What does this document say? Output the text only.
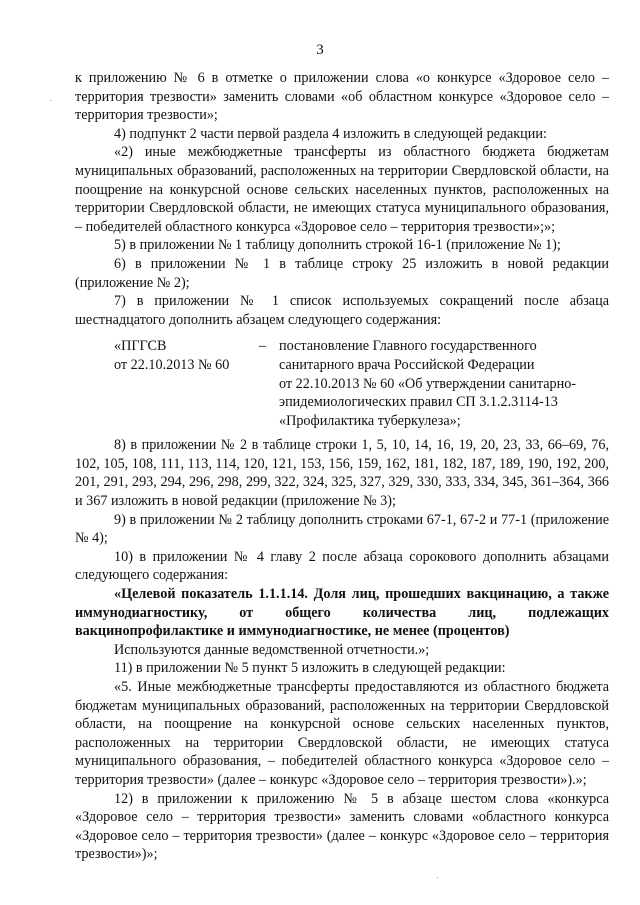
3

к приложению № 6 в отметке о приложении слова «о конкурсе «Здоровое село – территория трезвости» заменить словами «об областном конкурсе «Здоровое село – территория трезвости»;

4) подпункт 2 части первой раздела 4 изложить в следующей редакции:

«2) иные межбюджетные трансферты из областного бюджета бюджетам муниципальных образований, расположенных на территории Свердловской области, на поощрение на конкурсной основе сельских населенных пунктов, расположенных на территории Свердловской области, не имеющих статуса муниципального образования, – победителей областного конкурса «Здоровое село – территория трезвости»;»;

5) в приложении № 1 таблицу дополнить строкой 16-1 (приложение № 1);

6) в приложении № 1 в таблице строку 25 изложить в новой редакции (приложение № 2);

7) в приложении № 1 список используемых сокращений после абзаца шестнадцатого дополнить абзацем следующего содержания:

«ПГГСВ
от 22.10.2013 № 60
– постановление Главного государственного
санитарного врача Российской Федерации
от 22.10.2013 № 60 «Об утверждении санитарно-
эпидемиологических правил СП 3.1.2.3114-13
«Профилактика туберкулеза»;

8) в приложении № 2 в таблице строки 1, 5, 10, 14, 16, 19, 20, 23, 33, 66–69, 76, 102, 105, 108, 111, 113, 114, 120, 121, 153, 156, 159, 162, 181, 182, 187, 189, 190, 192, 200, 201, 291, 293, 294, 296, 298, 299, 322, 324, 325, 327, 329, 330, 333, 334, 345, 361–364, 366 и 367 изложить в новой редакции (приложение № 3);

9) в приложении № 2 таблицу дополнить строками 67-1, 67-2 и 77-1 (приложение № 4);

10) в приложении № 4 главу 2 после абзаца сорокового дополнить абзацами следующего содержания:

«Целевой показатель 1.1.1.14. Доля лиц, прошедших вакцинацию, а также иммунодиагностику, от общего количества лиц, подлежащих вакцинопрофилактике и иммунодиагностике, не менее (процентов)

Используются данные ведомственной отчетности.»;

11) в приложении № 5 пункт 5 изложить в следующей редакции:

«5. Иные межбюджетные трансферты предоставляются из областного бюджета бюджетам муниципальных образований, расположенных на территории Свердловской области, на поощрение на конкурсной основе сельских населенных пунктов, расположенных на территории Свердловской области, не имеющих статуса муниципального образования, – победителей областного конкурса «Здоровое село – территория трезвости» (далее – конкурс «Здоровое село – территория трезвости»).»;

12) в приложении к приложению № 5 в абзаце шестом слова «конкурса «Здоровое село – территория трезвости» заменить словами «областного конкурса «Здоровое село – территория трезвости» (далее – конкурс «Здоровое село – территория трезвости»)»;
